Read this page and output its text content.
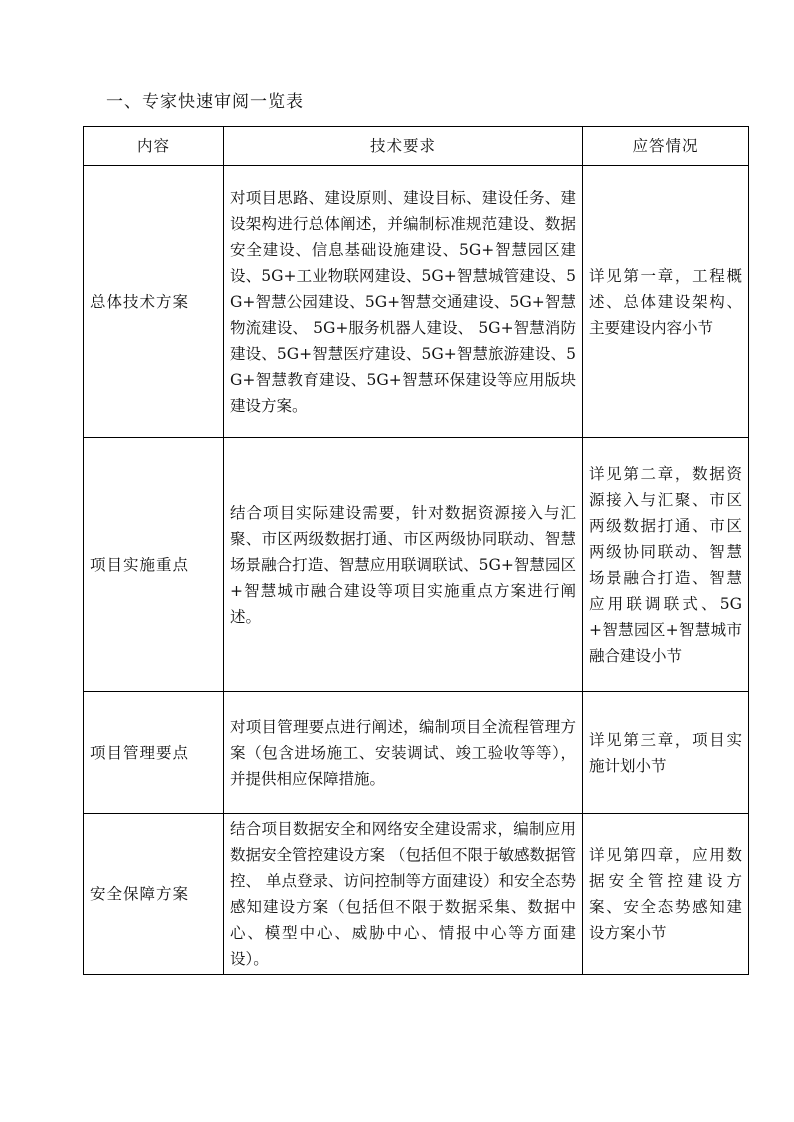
一、专家快速审阅一览表
内容	技术要求	应答情况
总体技术方案	对项目思路、建设原则、建设目标、建设任务、建设架构进行总体阐述，并编制标准规范建设、数据安全建设、信息基础设施建设、5G+智慧园区建设、5G+工业物联网建设、5G+智慧城管建设、5G+智慧公园建设、5G+智慧交通建设、5G+智慧物流建设、 5G+服务机器人建设、 5G+智慧消防建设、5G+智慧医疗建设、5G+智慧旅游建设、5G+智慧教育建设、5G+智慧环保建设等应用版块建设方案。	详见第一章，工程概述、总体建设架构、主要建设内容小节
项目实施重点	结合项目实际建设需要，针对数据资源接入与汇聚、市区两级数据打通、市区两级协同联动、智慧场景融合打造、智慧应用联调联试、5G+智慧园区+智慧城市融合建设等项目实施重点方案进行阐述。	详见第二章，数据资源接入与汇聚、市区两级数据打通、市区两级协同联动、智慧场景融合打造、智慧应用联调联式、5G+智慧园区+智慧城市融合建设小节
项目管理要点	对项目管理要点进行阐述，编制项目全流程管理方案（包含进场施工、安装调试、竣工验收等等），并提供相应保障措施。	详见第三章，项目实施计划小节
安全保障方案	结合项目数据安全和网络安全建设需求，编制应用数据安全管控建设方案 （包括但不限于敏感数据管控、 单点登录、访问控制等方面建设）和安全态势感知建设方案（包括但不限于数据采集、数据中心、模型中心、威胁中心、情报中心等方面建设）。	详见第四章，应用数据安全管控建设方案、安全态势感知建设方案小节
